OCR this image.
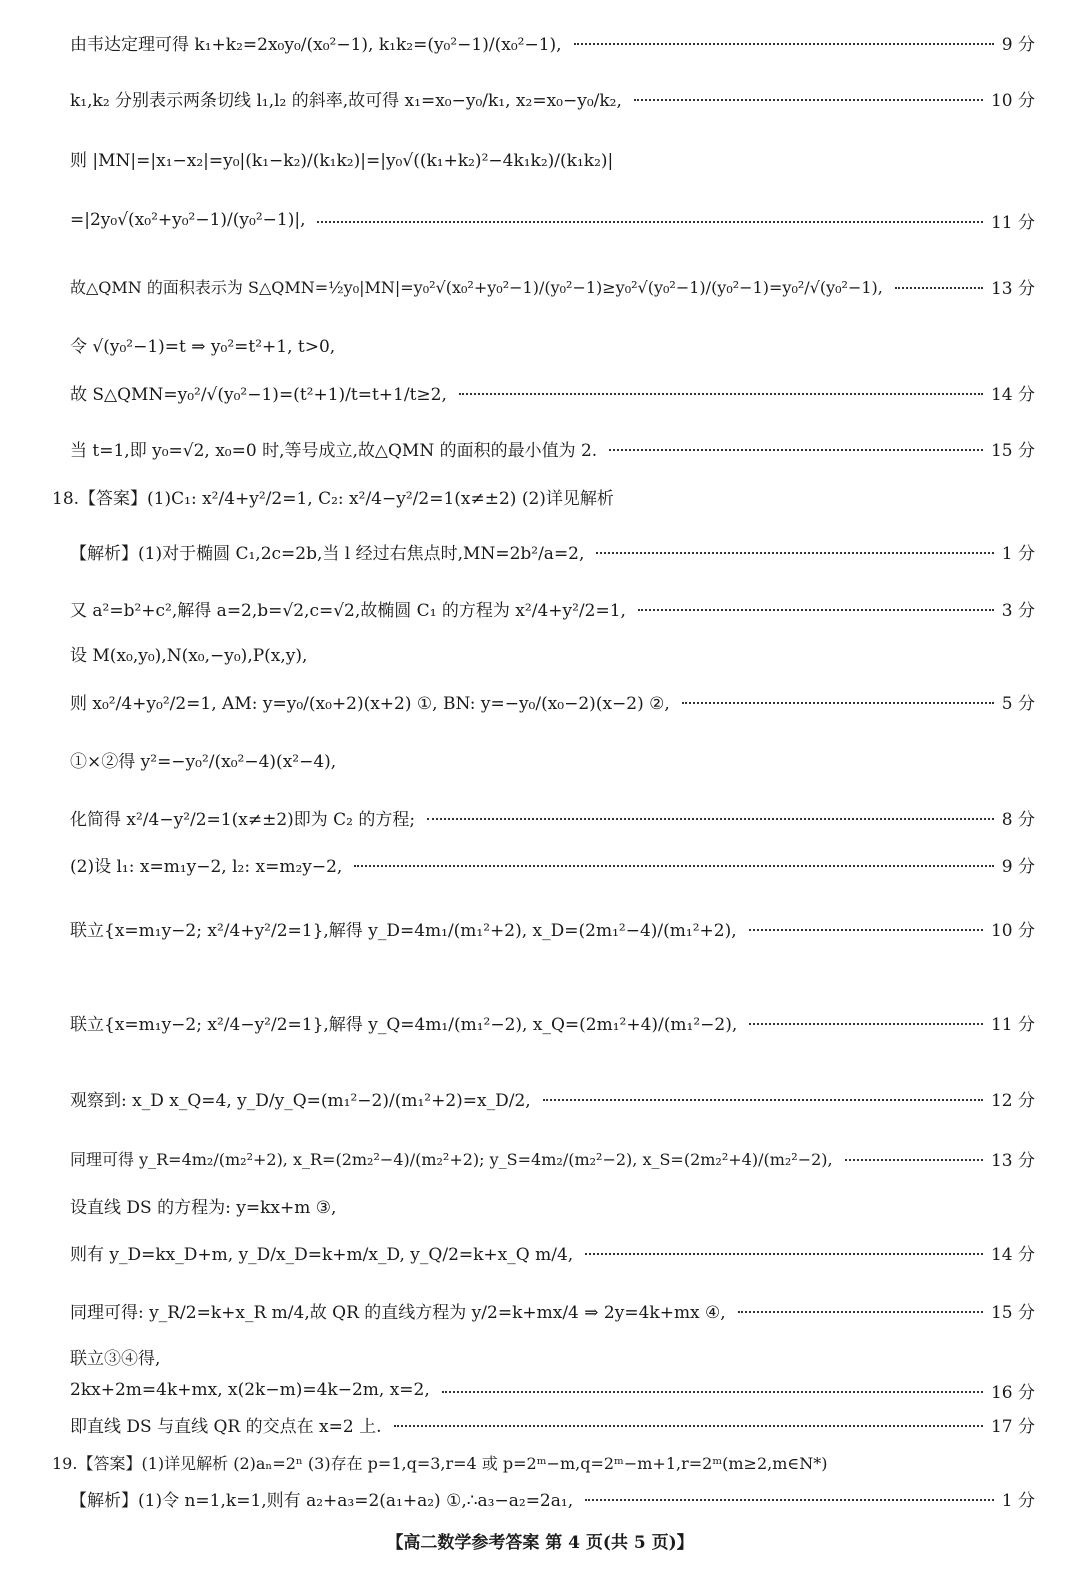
由韦达定理可得 k₁+k₂=2x₀y₀/(x₀²−1), k₁k₂=(y₀²−1)/(x₀²−1),	9 分
k₁,k₂ 分别表示两条切线 l₁,l₂ 的斜率,故可得 x₁=x₀−y₀/k₁, x₂=x₀−y₀/k₂,	10 分
则 |MN|=|x₁−x₂|=y₀|(k₁−k₂)/(k₁k₂)|=|y₀√((k₁+k₂)²−4k₁k₂)/(k₁k₂)|
=|2y₀√(x₀²+y₀²−1)/(y₀²−1)|,	11 分
故△QMN 的面积表示为 S△QMN=½y₀|MN|=y₀²√(x₀²+y₀²−1)/(y₀²−1)≥y₀²√(y₀²−1)/(y₀²−1)=y₀²/√(y₀²−1),	13 分
令 √(y₀²−1)=t ⇒ y₀²=t²+1, t>0,
故 S△QMN=y₀²/√(y₀²−1)=(t²+1)/t=t+1/t≥2,	14 分
当 t=1,即 y₀=√2, x₀=0 时,等号成立,故△QMN 的面积的最小值为 2.	15 分
18.【答案】(1)C₁: x²/4+y²/2=1, C₂: x²/4−y²/2=1(x≠±2) (2)详见解析
【解析】(1)对于椭圆 C₁,2c=2b,当 l 经过右焦点时,MN=2b²/a=2,	1 分
又 a²=b²+c²,解得 a=2,b=√2,c=√2,故椭圆 C₁ 的方程为 x²/4+y²/2=1,	3 分
设 M(x₀,y₀),N(x₀,−y₀),P(x,y),
则 x₀²/4+y₀²/2=1, AM: y=y₀/(x₀+2)(x+2) ①, BN: y=−y₀/(x₀−2)(x−2) ②,	5 分
①×②得 y²=−y₀²/(x₀²−4)(x²−4),
化简得 x²/4−y²/2=1(x≠±2)即为 C₂ 的方程;	8 分
(2)设 l₁: x=m₁y−2, l₂: x=m₂y−2,	9 分
联立{x=m₁y−2; x²/4+y²/2=1},解得 y_D=4m₁/(m₁²+2), x_D=(2m₁²−4)/(m₁²+2),	10 分
联立{x=m₁y−2; x²/4−y²/2=1},解得 y_Q=4m₁/(m₁²−2), x_Q=(2m₁²+4)/(m₁²−2),	11 分
观察到: x_D x_Q=4, y_D/y_Q=(m₁²−2)/(m₁²+2)=x_D/2,	12 分
同理可得 y_R=4m₂/(m₂²+2), x_R=(2m₂²−4)/(m₂²+2); y_S=4m₂/(m₂²−2), x_S=(2m₂²+4)/(m₂²−2),	13 分
设直线 DS 的方程为: y=kx+m ③,
则有 y_D=kx_D+m, y_D/x_D=k+m/x_D, y_Q/2=k+x_Q m/4,	14 分
同理可得: y_R/2=k+x_R m/4,故 QR 的直线方程为 y/2=k+mx/4 ⇒ 2y=4k+mx ④,	15 分
联立③④得,
2kx+2m=4k+mx, x(2k−m)=4k−2m, x=2,	16 分
即直线 DS 与直线 QR 的交点在 x=2 上.	17 分
19.【答案】(1)详见解析 (2)aₙ=2ⁿ (3)存在 p=1,q=3,r=4 或 p=2ᵐ−m,q=2ᵐ−m+1,r=2ᵐ(m≥2,m∈N*)
【解析】(1)令 n=1,k=1,则有 a₂+a₃=2(a₁+a₂) ①,∴a₃−a₂=2a₁,	1 分
【高二数学参考答案 第 4 页(共 5 页)】
